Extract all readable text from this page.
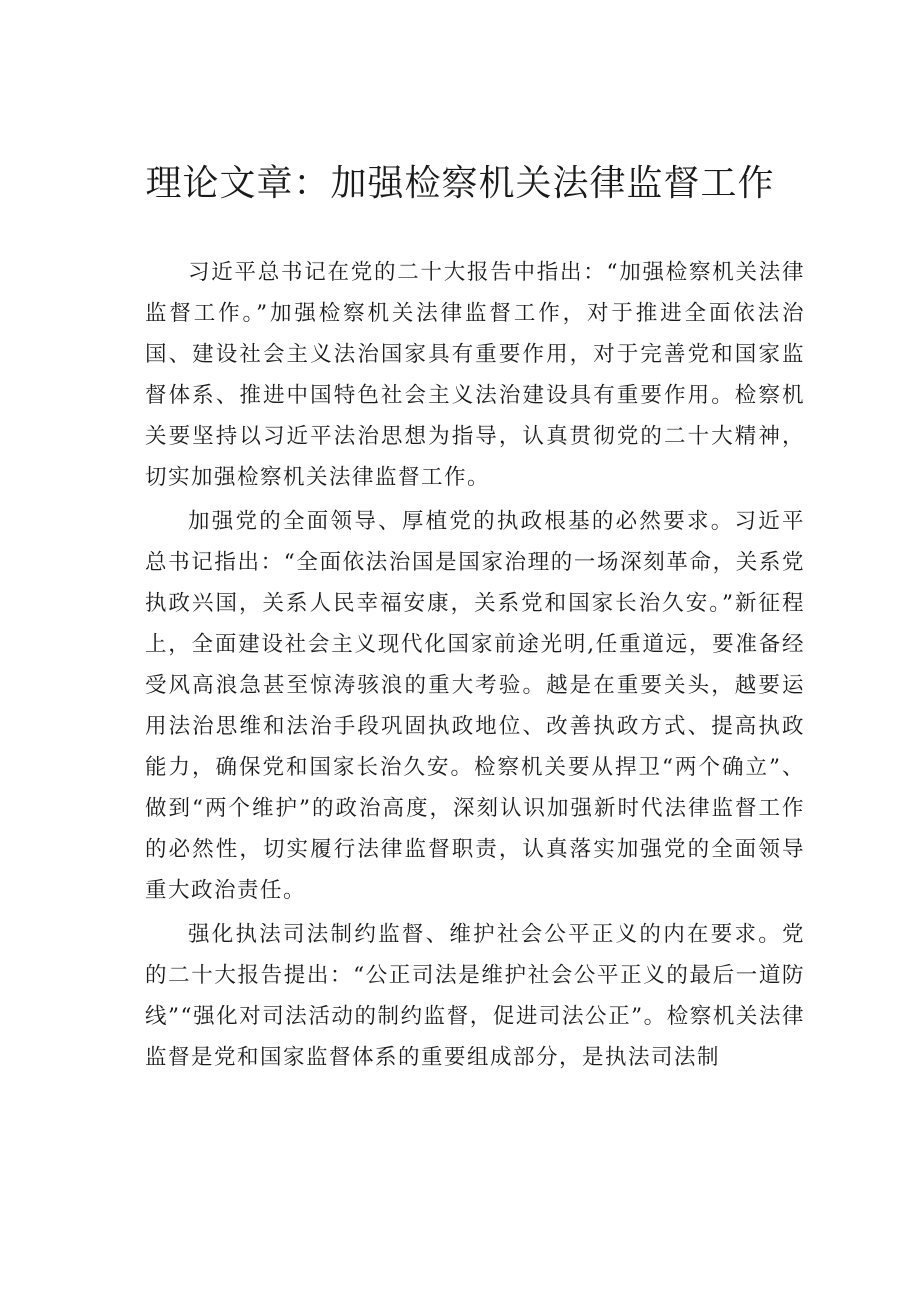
理论文章：加强检察机关法律监督工作

习近平总书记在党的二十大报告中指出：“加强检察机关法律监督工作。”加强检察机关法律监督工作，对于推进全面依法治国、建设社会主义法治国家具有重要作用，对于完善党和国家监督体系、推进中国特色社会主义法治建设具有重要作用。检察机关要坚持以习近平法治思想为指导，认真贯彻党的二十大精神，切实加强检察机关法律监督工作。

加强党的全面领导、厚植党的执政根基的必然要求。习近平总书记指出：“全面依法治国是国家治理的一场深刻革命，关系党执政兴国，关系人民幸福安康，关系党和国家长治久安。”新征程上，全面建设社会主义现代化国家前途光明,任重道远，要准备经受风高浪急甚至惊涛骇浪的重大考验。越是在重要关头，越要运用法治思维和法治手段巩固执政地位、改善执政方式、提高执政能力，确保党和国家长治久安。检察机关要从捍卫“两个确立”、做到“两个维护”的政治高度，深刻认识加强新时代法律监督工作的必然性，切实履行法律监督职责，认真落实加强党的全面领导重大政治责任。

强化执法司法制约监督、维护社会公平正义的内在要求。党的二十大报告提出：“公正司法是维护社会公平正义的最后一道防线”“强化对司法活动的制约监督，促进司法公正”。检察机关法律监督是党和国家监督体系的重要组成部分，是执法司法制
